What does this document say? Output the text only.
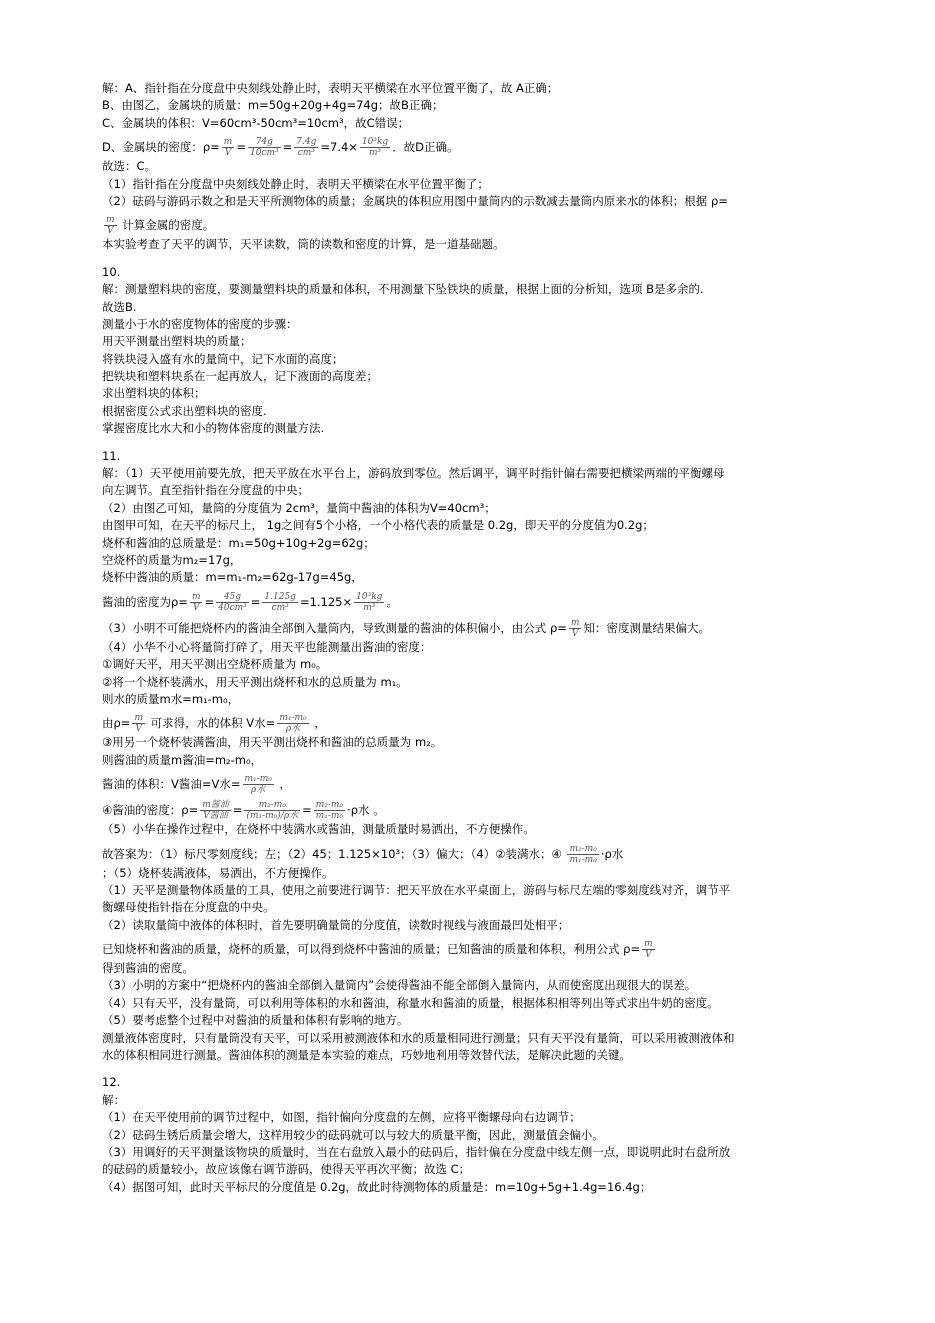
解：A、指针指在分度盘中央刻线处静止时，表明天平横梁在水平位置平衡了，故 A正确；
B、由图乙，金属块的质量：m=50g+20g+4g=74g；故B正确；
C、金属块的体积：V=60cm³-50cm³=10cm³，故C错误；
D、金属块的密度：$\rho= \frac{m}{V} = \frac{74g}{\text{10cm³}} = \frac{7.4g}{\text{cm³}} =7.4\times \frac{\text{10³kg}}{\text{m³}}$ ．故D正确。
故选：C。
（1）指针指在分度盘中央刻线处静止时，表明天平横梁在水平位置平衡了；
（2）砝码与游码示数之和是天平所测物体的质量；金属块的体积应用图中量筒内的示数减去量筒内原来水的体积；根据 ρ=
$\frac{m}{V}$ 计算金属的密度。
本实验考查了天平的调节，天平读数，筒的读数和密度的计算，是一道基础题。
10.
解：测量塑料块的密度，要测量塑料块的质量和体积，不用测量下坠铁块的质量，根据上面的分析知，选项 B是多余的.
故选B.
测量小于水的密度物体的密度的步骤：
用天平测量出塑料块的质量；
将铁块浸入盛有水的量筒中，记下水面的高度；
把铁块和塑料块系在一起再放人，记下液面的高度差；
求出塑料块的体积；
根据密度公式求出塑料块的密度.
掌握密度比水大和小的物体密度的测量方法.
11.
解：（1）天平使用前要先放，把天平放在水平台上，游码放到零位。然后调平，调平时指针偏右需要把横梁两端的平衡螺母
向左调节。直至指针指在分度盘的中央；
（2）由图乙可知，量筒的分度值为 2cm³，量筒中酱油的体积为V=40cm³；
由图甲可知，在天平的标尺上， 1g之间有5个小格，一个小格代表的质量是 0.2g，即天平的分度值为0.2g；
烧杯和酱油的总质量是：m₁=50g+10g+2g=62g；
空烧杯的质量为m₂=17g，
烧杯中酱油的质量：m=m₁-m₂=62g-17g=45g，
酱油的密度为$\rho= \frac{m}{V} = \frac{45g}{\text{40cm³}} = \frac{1.125g}{\text{cm³}} =1.125\times \frac{\text{10³kg}}{\text{m³}}$ 。
（3）小明不可能把烧杯内的酱油全部倒入量筒内，导致测量的酱油的体积偏小，由公式 $\rho= \frac{m}{V}$ 知：密度测量结果偏大。
（4）小华不小心将量筒打碎了，用天平也能测量出酱油的密度：
①调好天平，用天平测出空烧杯质量为 m₀。
②将一个烧杯装满水，用天平测出烧杯和水的总质量为 m₁。
则水的质量m水=m₁-m₀，
由$\rho= \frac{m}{V}$ 可求得，水的体积 V水= $\frac{\text{m₁-m₀}}{\text{ρ水}}$ ，
③用另一个烧杯装满酱油，用天平测出烧杯和酱油的总质量为 m₂。
则酱油的质量m酱油=m₂-m₀，
酱油的体积：V酱油=V水= $\frac{\text{m₁-m₀}}{\text{ρ水}}$ ，
④酱油的密度：$\rho= \frac{\text{m酱油}}{\text{V酱油}} = \frac{\text{m₂-m₀}}{\text{(m₁-m₀)/ρ水}} = \frac{\text{m₂-m₀}}{\text{m₁-m₀}} \cdot\rho$水 。
（5）小华在操作过程中，在烧杯中装满水或酱油，测量质量时易洒出，不方便操作。
故答案为：（1）标尺零刻度线；左；（2）45；1.125×10³；（3）偏大；（4）②装满水；④ $\frac{\text{m₂-m₀}}{\text{m₁-m₀}} \cdot\rho$水
；（5）烧杯装满液体，易洒出，不方便操作。
（1）天平是测量物体质量的工具，使用之前要进行调节：把天平放在水平桌面上，游码与标尺左端的零刻度线对齐，调节平
衡螺母使指针指在分度盘的中央。
（2）读取量筒中液体的体积时，首先要明确量筒的分度值，读数时视线与液面最凹处相平；
已知烧杯和酱油的质量，烧杯的质量，可以得到烧杯中酱油的质量；已知酱油的质量和体积，利用公式 $\rho= \frac{m}{V}$
得到酱油的密度。
（3）小明的方案中“把烧杯内的酱油全部倒入量筒内”会使得酱油不能全部倒入量筒内，从而使密度出现很大的误差。
（4）只有天平，没有量筒，可以利用等体积的水和酱油，称量水和酱油的质量，根据体积相等列出等式求出牛奶的密度。
（5）要考虑整个过程中对酱油的质量和体积有影响的地方。
测量液体密度时，只有量筒没有天平，可以采用被测液体和水的质量相同进行测量；只有天平没有量筒，可以采用被测液体和
水的体积相同进行测量。酱油体积的测量是本实验的难点，巧妙地利用等效替代法，是解决此题的关键。
12.
解：
（1）在天平使用前的调节过程中，如图，指针偏向分度盘的左侧，应将平衡螺母向右边调节；
（2）砝码生锈后质量会增大，这样用较少的砝码就可以与较大的质量平衡，因此，测量值会偏小。
（3）用调好的天平测量该物块的质量时，当在右盘放入最小的砝码后，指针偏在分度盘中线左侧一点，即说明此时右盘所放
的砝码的质量较小，故应该像右调节游码，使得天平再次平衡；故选 C；
（4）据图可知，此时天平标尺的分度值是 0.2g，故此时待测物体的质量是：m=10g+5g+1.4g=16.4g；
